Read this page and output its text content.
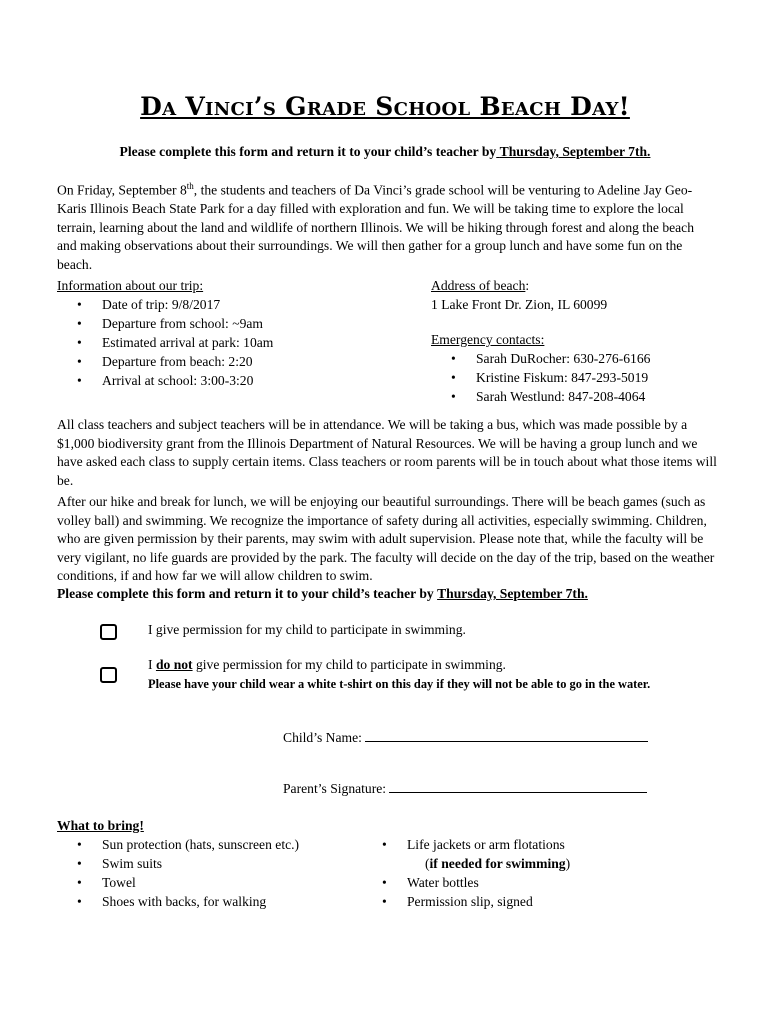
Da Vinci’s Grade School Beach Day!
Please complete this form and return it to your child’s teacher by Thursday, September 7th.

On Friday, September 8th, the students and teachers of Da Vinci’s grade school will be venturing to Adeline Jay Geo-Karis Illinois Beach State Park for a day filled with exploration and fun. We will be taking time to explore the local terrain, learning about the land and wildlife of northern Illinois. We will be hiking through forest and along the beach and making observations about their surroundings. We will then gather for a group lunch and have some fun on the beach.

Information about our trip:
• Date of trip: 9/8/2017
• Departure from school: ~9am
• Estimated arrival at park: 10am
• Departure from beach: 2:20
• Arrival at school: 3:00-3:20
Address of beach:
1 Lake Front Dr. Zion, IL 60099
Emergency contacts:
• Sarah DuRocher: 630-276-6166
• Kristine Fiskum: 847-293-5019
• Sarah Westlund: 847-208-4064

All class teachers and subject teachers will be in attendance. We will be taking a bus, which was made possible by a $1,000 biodiversity grant from the Illinois Department of Natural Resources. We will be having a group lunch and we have asked each class to supply certain items. Class teachers or room parents will be in touch about what those items will be.

After our hike and break for lunch, we will be enjoying our beautiful surroundings. There will be beach games (such as volley ball) and swimming. We recognize the importance of safety during all activities, especially swimming. Children, who are given permission by their parents, may swim with adult supervision. Please note that, while the faculty will be very vigilant, no life guards are provided by the park. The faculty will decide on the day of the trip, based on the weather conditions, if and how far we will allow children to swim.

Please complete this form and return it to your child’s teacher by Thursday, September 7th.
I give permission for my child to participate in swimming.
I do not give permission for my child to participate in swimming.
Please have your child wear a white t-shirt on this day if they will not be able to go in the water.
Child’s Name:
Parent’s Signature:
What to bring!
• Sun protection (hats, sunscreen etc.)
• Swim suits
• Towel
• Shoes with backs, for walking
• Life jackets or arm flotations
(if needed for swimming)
• Water bottles
• Permission slip, signed
